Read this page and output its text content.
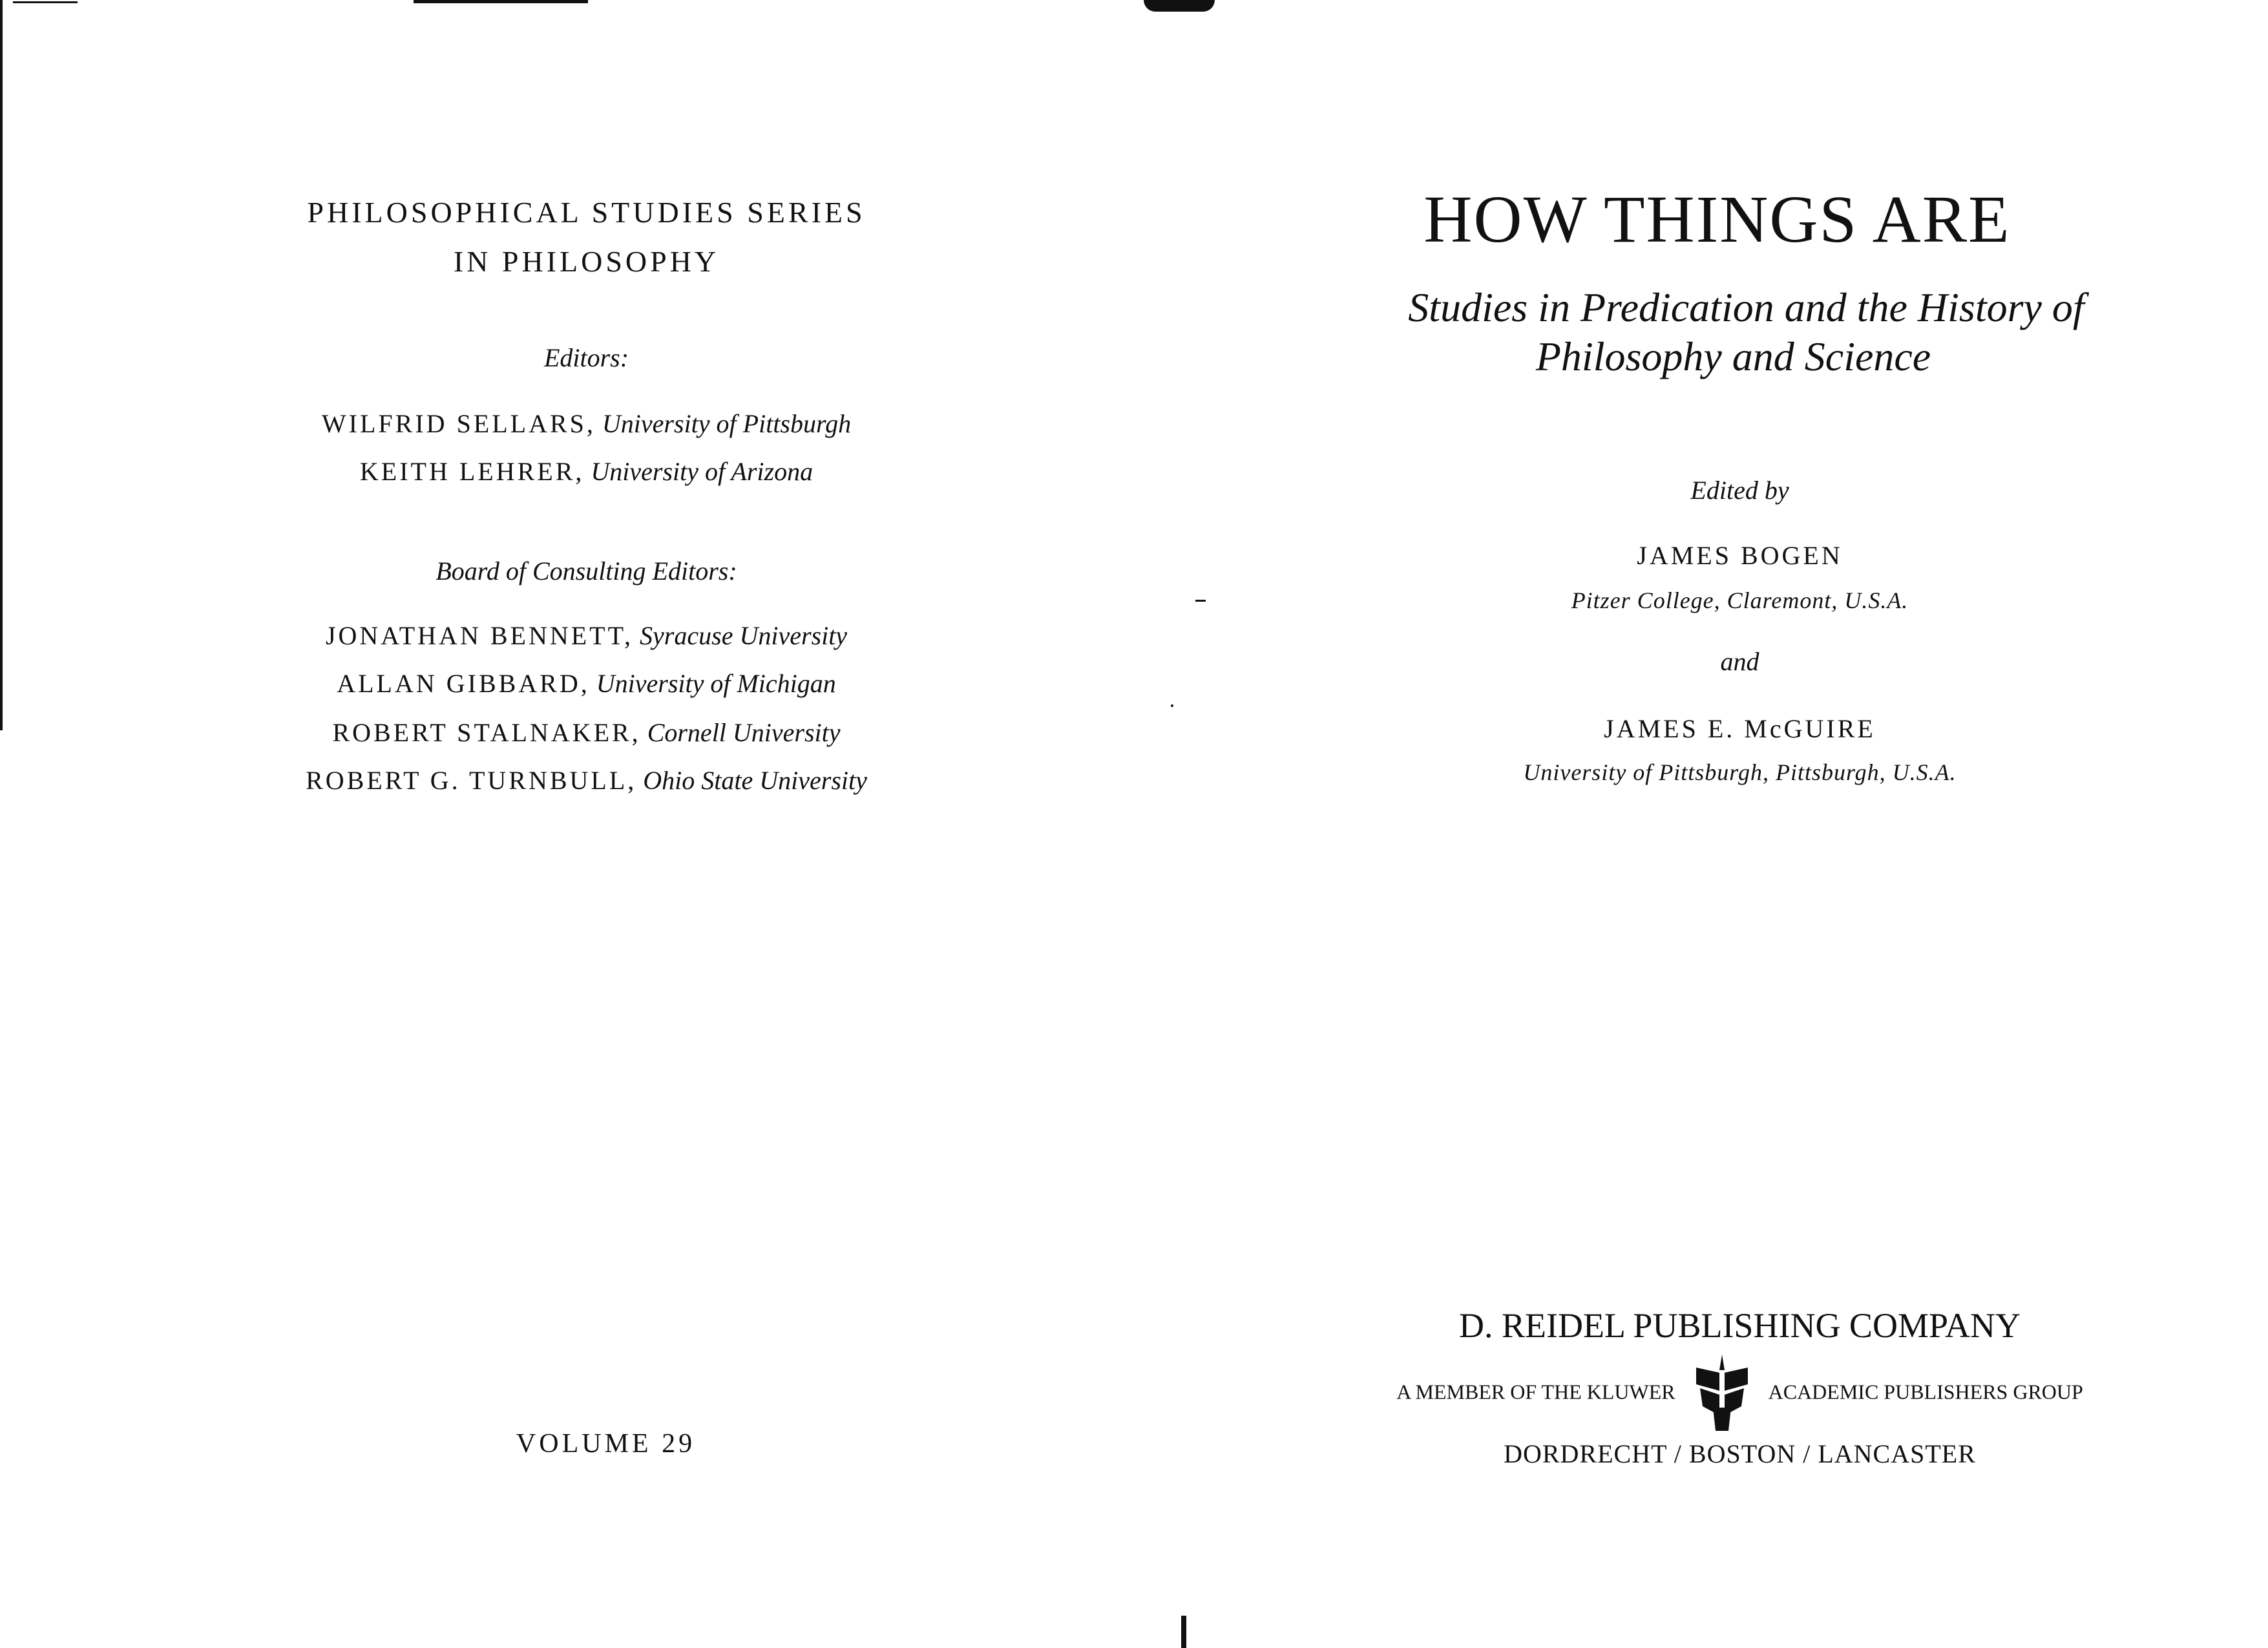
PHILOSOPHICAL STUDIES SERIES
IN PHILOSOPHY
Editors:
WILFRID SELLARS, University of Pittsburgh
KEITH LEHRER, University of Arizona
Board of Consulting Editors:
JONATHAN BENNETT, Syracuse University
ALLAN GIBBARD, University of Michigan
ROBERT STALNAKER, Cornell University
ROBERT G. TURNBULL, Ohio State University
VOLUME 29
HOW THINGS ARE
Studies in Predication and the History of
Philosophy and Science
Edited by
JAMES BOGEN
Pitzer College, Claremont, U.S.A.
and
JAMES E. McGUIRE
University of Pittsburgh, Pittsburgh, U.S.A.
D. REIDEL PUBLISHING COMPANY
A MEMBER OF THE KLUWER	ACADEMIC PUBLISHERS GROUP
DORDRECHT / BOSTON / LANCASTER
